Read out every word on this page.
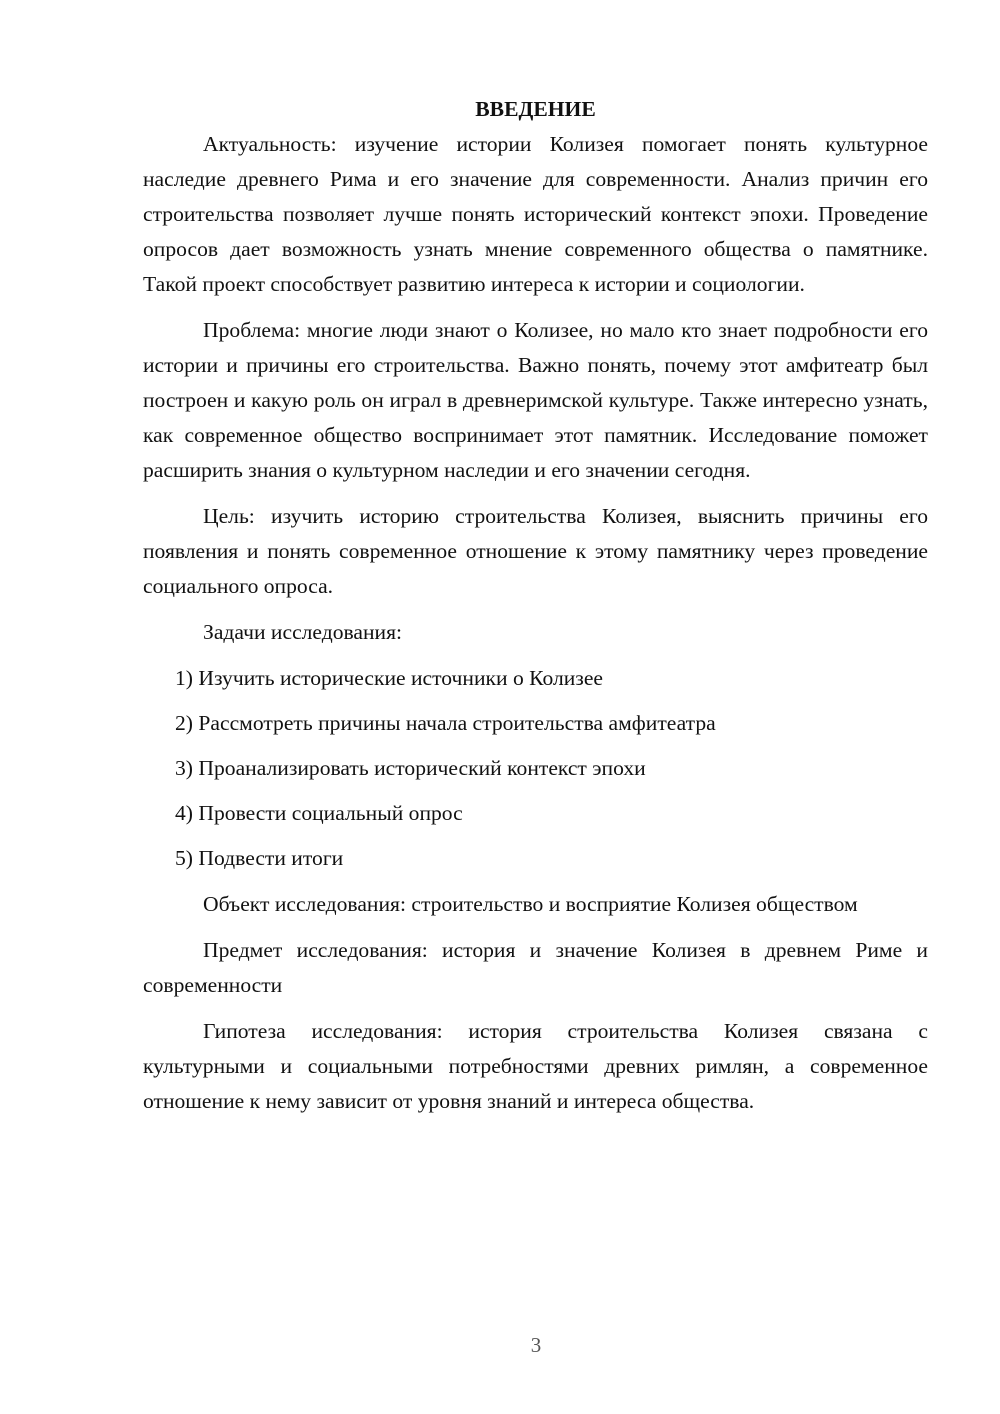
ВВЕДЕНИЕ

Актуальность: изучение истории Колизея помогает понять культурное наследие древнего Рима и его значение для современности. Анализ причин его строительства позволяет лучше понять исторический контекст эпохи. Проведение опросов дает возможность узнать мнение современного общества о памятнике. Такой проект способствует развитию интереса к истории и социологии.

Проблема: многие люди знают о Колизее, но мало кто знает подробности его истории и причины его строительства. Важно понять, почему этот амфитеатр был построен и какую роль он играл в древнеримской культуре. Также интересно узнать, как современное общество воспринимает этот памятник. Исследование поможет расширить знания о культурном наследии и его значении сегодня.

Цель: изучить историю строительства Колизея, выяснить причины его появления и понять современное отношение к этому памятнику через проведение социального опроса.

Задачи исследования:

1) Изучить исторические источники о Колизее
2) Рассмотреть причины начала строительства амфитеатра
3) Проанализировать исторический контекст эпохи
4) Провести социальный опрос
5) Подвести итоги

Объект исследования: строительство и восприятие Колизея обществом

Предмет исследования: история и значение Колизея в древнем Риме и современности

Гипотеза исследования: история строительства Колизея связана с культурными и социальными потребностями древних римлян, а современное отношение к нему зависит от уровня знаний и интереса общества.

3
